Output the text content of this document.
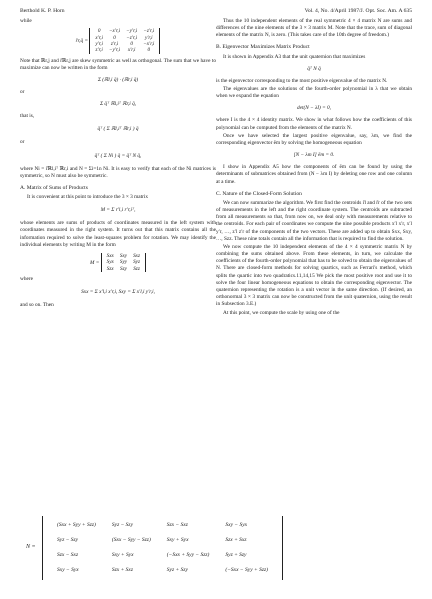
Berthold K. P. Horn	Vol. 4, No. 4/April 1987/J. Opt. Soc. Am. A 635

while

r̄r,q̄ =
0	−x′r,i	−y′r,i	−z′r,i
x′r,i	0	−z′r,i	y′r,i
y′r,i	z′r,i	0	−x′r,i
z′r,i	−y′r,i	x′r,i	0

Note that ℝr,j and r̄ℝr,j are skew symmetric as well as orthogonal. The sum that we have to maximize can now be written in the form

Σ (ℝl,i q̄) · (ℝr,i q̄)

or

Σ q̄ᵀ ℝl,iᵀ ℝr,i q̄,

that is,

q̄ᵀ ( Σ ℝl,iᵀ ℝr,i ) q̄

or

q̄ᵀ ( Σ Ni ) q̄ = q̄ᵀ N q̄,

where Ni = r̄ℝl,iᵀ ℝr,i and N = Σi=1n Ni. It is easy to verify that each of the Ni matrices is symmetric, so N must also be symmetric.

A. Matrix of Sums of Products

It is convenient at this point to introduce the 3 × 3 matrix

M = Σ r′l,i r′r,iᵀ,

whose elements are sums of products of coordinates measured in the left system with coordinates measured in the right system. It turns out that this matrix contains all the information required to solve the least-squares problem for rotation. We may identify the individual elements by writing M in the form

M =
Sxx	Sxy	Sxz
Syx	Syy	Syz
Szx	Szy	Szz

where

Sxx = Σ x′l,i x′r,i, Sxy = Σ x′l,i y′r,i,

and so on. Then

Thus the 10 independent elements of the real symmetric 4 × 4 matrix N are sums and differences of the nine elements of the 3 × 3 matrix M. Note that the trace, sum of diagonal elements of the matrix N, is zero. (This takes care of the 10th degree of freedom.)

B. Eigenvector Maximizes Matrix Product

It is shown in Appendix A3 that the unit quaternion that maximizes

q̄ᵀ N q̄

is the eigenvector corresponding to the most positive eigenvalue of the matrix N.

The eigenvalues are the solutions of the fourth-order polynomial in λ that we obtain when we expand the equation

det(N − λI) = 0,

where I is the 4 × 4 identity matrix. We show in what follows how the coefficients of this polynomial can be computed from the elements of the matrix N.

Once we have selected the largest positive eigenvalue, say, λm, we find the corresponding eigenvector ēm by solving the homogeneous equation

[N − λm I] ēm = 0.

I show in Appendix A5 how the components of ēm can be found by using the determinants of submatrices obtained from (N − λm I) by deleting one row and one column at a time.

C. Nature of the Closed-Form Solution

We can now summarize the algorithm. We first find the centroids r̄l and r̄r of the two sets of measurements in the left and the right coordinate system. The centroids are subtracted from all measurements so that, from now on, we deal only with measurements relative to the centroids. For each pair of coordinates we compute the nine possible products x′l x′r, x′l y′r, …, z′l z′r of the components of the two vectors. These are added up to obtain Sxx, Sxy, …, Szz. These nine totals contain all the information that is required to find the solution.

We now compute the 10 independent elements of the 4 × 4 symmetric matrix N by combining the sums obtained above. From these elements, in turn, we calculate the coefficients of the fourth-order polynomial that has to be solved to obtain the eigenvalues of N. There are closed-form methods for solving quartics, such as Ferrari's method, which splits the quartic into two quadratics.11,14,15 We pick the most positive root and use it to solve the four linear homogeneous equations to obtain the corresponding eigenvector. The quaternion representing the rotation is a unit vector in the same direction. (If desired, an orthonormal 3 × 3 matrix can now be constructed from the unit quaternion, using the result in Subsection 3.E.)

At this point, we compute the scale by using one of the

N =
(Sxx + Syy + Szz)	Syz − Szy	Szx − Sxz	Sxy − Syx
Syz − Szy	(Sxx − Syy − Szz)	Sxy + Syx	Szx + Sxz
Szx − Sxz	Sxy + Syx	(−Sxx + Syy − Szz)	Syz + Szy
Sxy − Syx	Szx + Sxz	Syz + Szy	(−Sxx − Syy + Szz)
